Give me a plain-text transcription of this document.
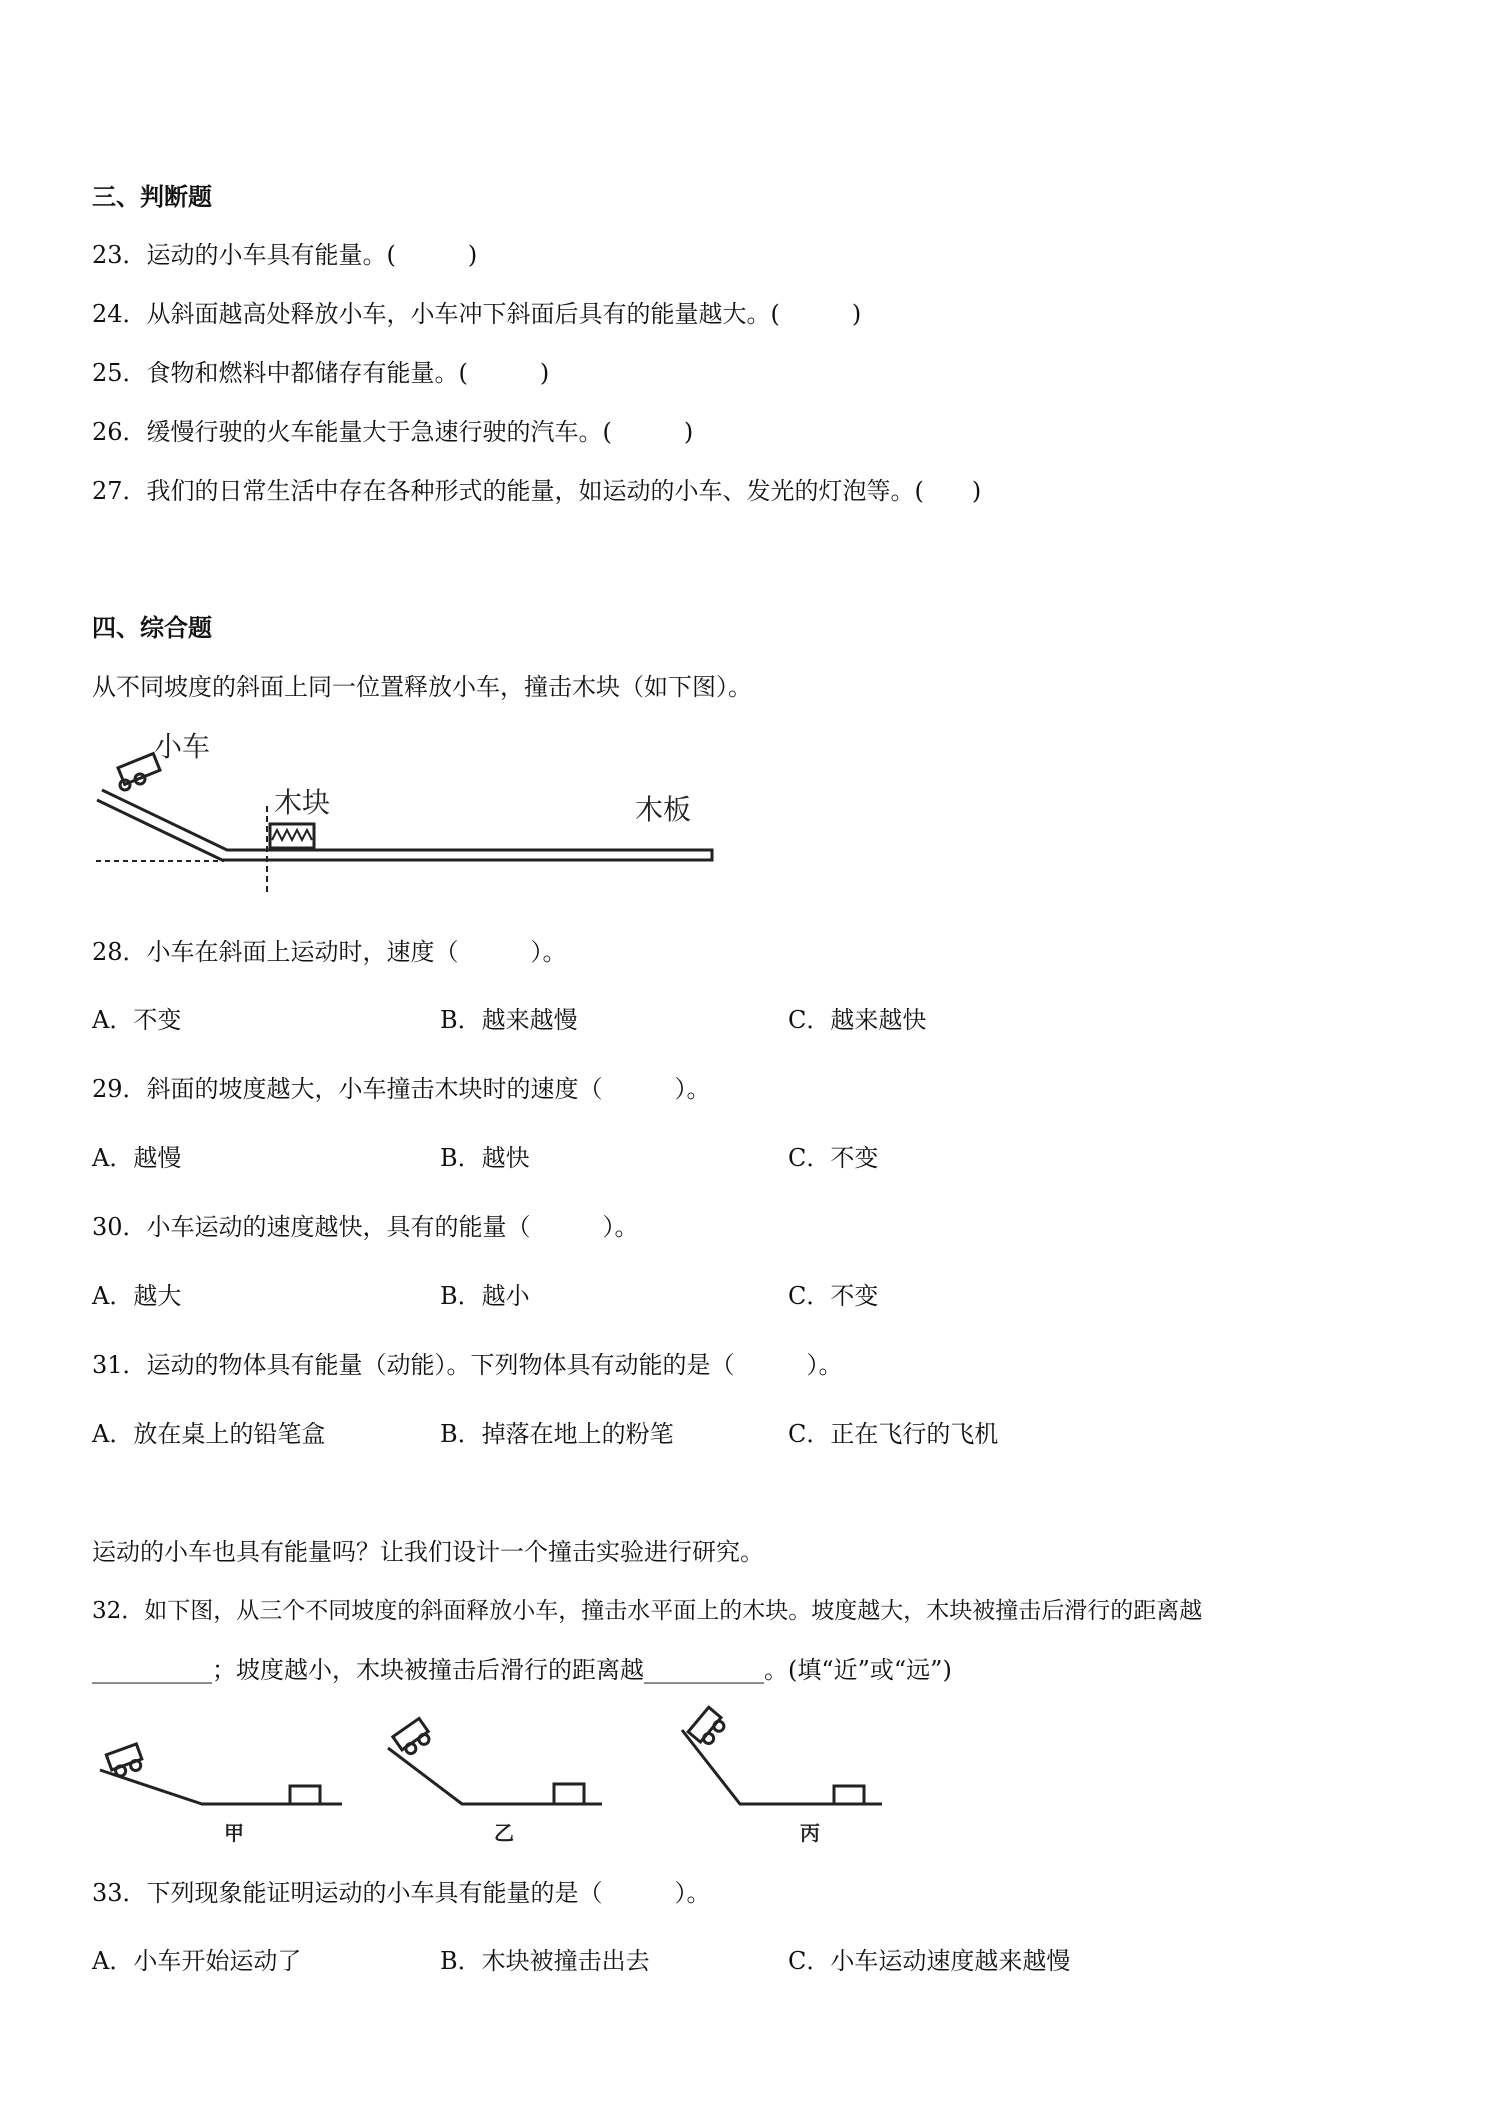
三、判断题
23．运动的小车具有能量。(　　　)
24．从斜面越高处释放小车，小车冲下斜面后具有的能量越大。(　　　)
25．食物和燃料中都储存有能量。(　　　)
26．缓慢行驶的火车能量大于急速行驶的汽车。(　　　)
27．我们的日常生活中存在各种形式的能量，如运动的小车、发光的灯泡等。(　　)
四、综合题
从不同坡度的斜面上同一位置释放小车，撞击木块（如下图）。
小车
木块	木板
28．小车在斜面上运动时，速度（　　　）。
A．不变	B．越来越慢	C．越来越快
29．斜面的坡度越大，小车撞击木块时的速度（　　　）。
A．越慢	B．越快	C．不变
30．小车运动的速度越快，具有的能量（　　　）。
A．越大	B．越小	C．不变
31．运动的物体具有能量（动能）。下列物体具有动能的是（　　　）。
A．放在桌上的铅笔盒	B．掉落在地上的粉笔	C．正在飞行的飞机
运动的小车也具有能量吗？让我们设计一个撞击实验进行研究。
32．如下图，从三个不同坡度的斜面释放小车，撞击水平面上的木块。坡度越大，木块被撞击后滑行的距离越
__________；坡度越小，木块被撞击后滑行的距离越__________。(填“近”或“远”)
甲	乙	丙
33．下列现象能证明运动的小车具有能量的是（　　　）。
A．小车开始运动了	B．木块被撞击出去	C．小车运动速度越来越慢
